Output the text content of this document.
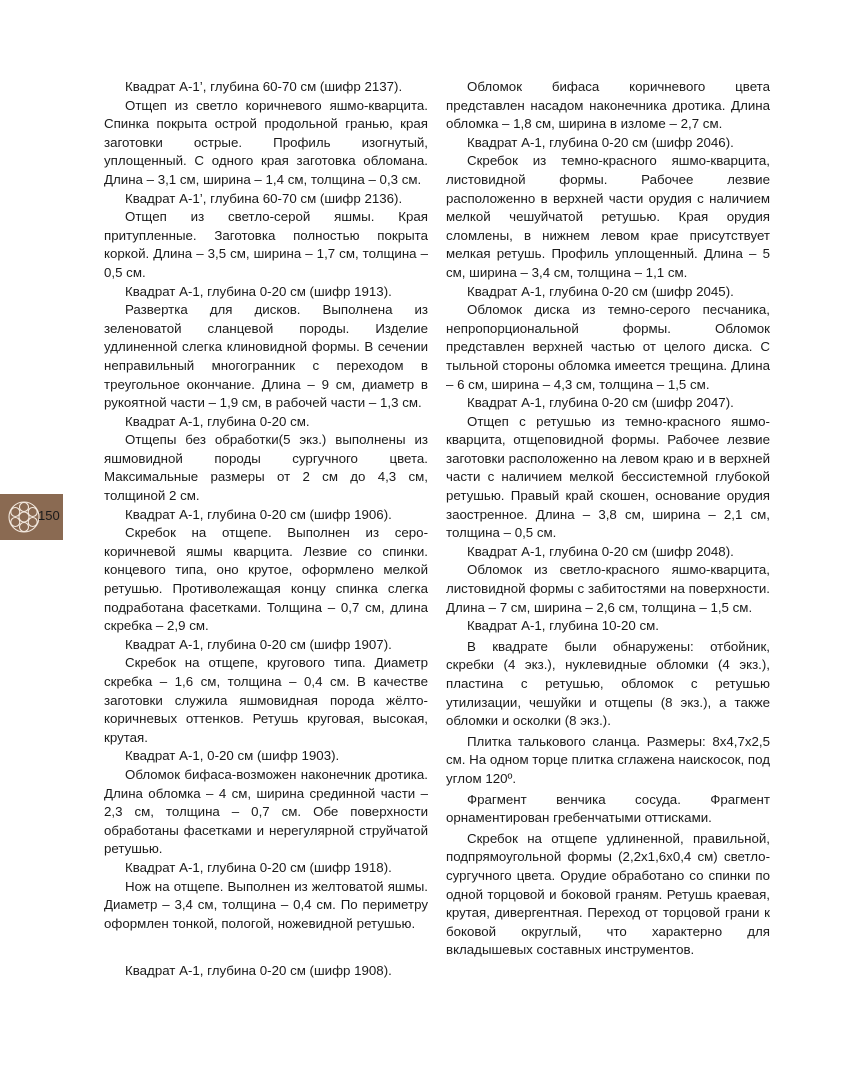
150

Квадрат А-1’, глубина 60-70 см (шифр 2137).

Отщеп из светло коричневого яшмо-кварцита. Спинка покрыта острой продольной гранью, края заготовки острые. Профиль изогнутый, уплощенный. С одного края заготовка обломана. Длина – 3,1 см, ширина – 1,4 см, толщина – 0,3 см.

Квадрат А-1’, глубина 60-70 см (шифр 2136).

Отщеп из светло-серой яшмы. Края притупленные. Заготовка полностью покрыта коркой. Длина – 3,5 см, ширина – 1,7 см, толщина – 0,5 см.

Квадрат А-1, глубина 0-20 см (шифр 1913).

Развертка для дисков. Выполнена из зеленоватой сланцевой породы. Изделие удлиненной слегка клиновидной формы. В сечении неправильный многогранник с переходом в треугольное окончание. Длина – 9 см, диаметр в рукоятной части – 1,9 см, в рабочей части – 1,3 см.

Квадрат А-1, глубина 0-20 см.

Отщепы без обработки(5 экз.) выполнены из яшмовидной породы сургучного цвета. Максимальные размеры от 2 см до 4,3 см, толщиной 2 см.

Квадрат А-1, глубина 0-20 см (шифр 1906).

Скребок на отщепе. Выполнен из серо-коричневой яшмы кварцита. Лезвие со спинки. концевого типа, оно крутое, оформлено мелкой ретушью. Противолежащая концу спинка слегка подработана фасетками. Толщина – 0,7 см, длина скребка – 2,9 см.

Квадрат А-1, глубина 0-20 см (шифр 1907).

Скребок на отщепе, кругового типа. Диаметр скребка – 1,6 см, толщина – 0,4 см. В качестве заготовки служила яшмовидная порода жёлто-коричневых оттенков. Ретушь круговая, высокая, крутая.

Квадрат А-1, 0-20 см (шифр 1903).

Обломок бифаса-возможен наконечник дротика. Длина обломка – 4 см, ширина срединной части – 2,3 см, толщина – 0,7 см. Обе поверхности обработаны фасетками и нерегулярной струйчатой ретушью.

Квадрат А-1, глубина 0-20 см (шифр 1918).

Нож на отщепе. Выполнен из желтоватой яшмы. Диаметр – 3,4 см, толщина – 0,4 см. По периметру оформлен тонкой, пологой, ножевидной ретушью.

Квадрат А-1, глубина 0-20 см (шифр 1908).

Обломок бифаса коричневого цвета представлен насадом наконечника дротика. Длина обломка – 1,8 см, ширина в изломе – 2,7 см.

Квадрат А-1, глубина 0-20 см (шифр 2046).

Скребок из темно-красного яшмо-кварцита, листовидной формы. Рабочее лезвие расположенно в верхней части орудия с наличием мелкой чешуйчатой ретушью. Края орудия сломлены, в нижнем левом крае присутствует мелкая ретушь. Профиль уплощенный. Длина – 5 см, ширина – 3,4 см, толщина – 1,1 см.

Квадрат А-1, глубина 0-20 см (шифр 2045).

Обломок диска из темно-серого песчаника, непропорциональной формы. Обломок представлен верхней частью от целого диска. С тыльной стороны обломка имеется трещина. Длина – 6 см, ширина – 4,3 см, толщина – 1,5 см.

Квадрат А-1, глубина 0-20 см (шифр 2047).

Отщеп с ретушью из темно-красного яшмо-кварцита, отщеповидной формы. Рабочее лезвие заготовки расположенно на левом краю и в верхней части с наличием мелкой бессистемной глубокой ретушью. Правый край скошен, основание орудия заостренное. Длина – 3,8 см, ширина – 2,1 см, толщина – 0,5 см.

Квадрат А-1, глубина 0-20 см (шифр 2048).

Обломок из светло-красного яшмо-кварцита, листовидной формы с забитостями на поверхности. Длина – 7 см, ширина – 2,6 см, толщина – 1,5 см.

Квадрат А-1, глубина 10-20 см.

В квадрате были обнаружены: отбойник, скребки (4 экз.), нуклевидные обломки (4 экз.), пластина с ретушью, обломок с ретушью утилизации, чешуйки и отщепы (8 экз.), а также обломки и осколки (8 экз.).

Плитка талькового сланца. Размеры: 8х4,7х2,5 см. На одном торце плитка сглажена наискосок, под углом 120º.

Фрагмент венчика сосуда. Фрагмент орнаментирован гребенчатыми оттисками.

Скребок на отщепе удлиненной, правильной, подпрямоугольной формы (2,2х1,6х0,4 см) светло-сургучного цвета. Орудие обработано со спинки по одной торцовой и боковой граням. Ретушь краевая, крутая, дивергентная. Переход от торцовой грани к боковой округлый, что характерно для вкладышевых составных инструментов.
